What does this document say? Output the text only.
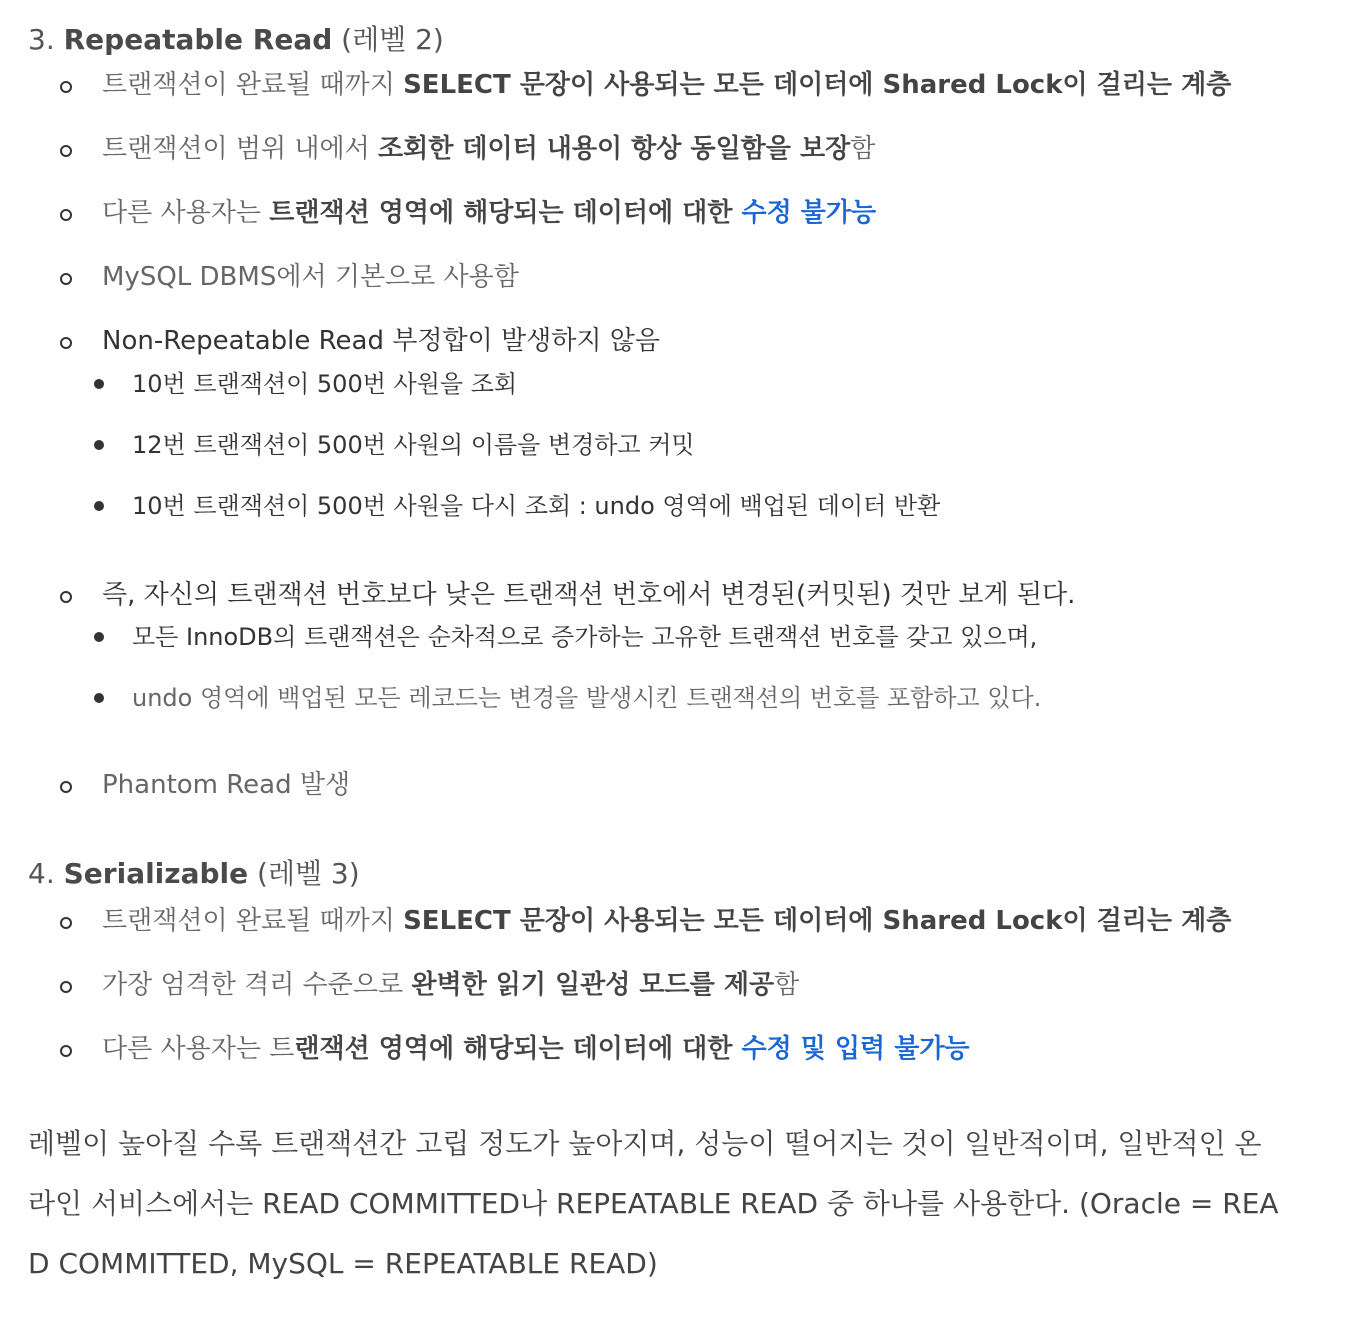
3. Repeatable Read (레벨 2)
트랜잭션이 완료될 때까지 SELECT 문장이 사용되는 모든 데이터에 Shared Lock이 걸리는 계층
트랜잭션이 범위 내에서 조회한 데이터 내용이 항상 동일함을 보장함
다른 사용자는 트랜잭션 영역에 해당되는 데이터에 대한 수정 불가능
MySQL DBMS에서 기본으로 사용함
Non-Repeatable Read 부정합이 발생하지 않음
10번 트랜잭션이 500번 사원을 조회
12번 트랜잭션이 500번 사원의 이름을 변경하고 커밋
10번 트랜잭션이 500번 사원을 다시 조회 : undo 영역에 백업된 데이터 반환
즉, 자신의 트랜잭션 번호보다 낮은 트랜잭션 번호에서 변경된(커밋된) 것만 보게 된다.
모든 InnoDB의 트랜잭션은 순차적으로 증가하는 고유한 트랜잭션 번호를 갖고 있으며,
undo 영역에 백업된 모든 레코드는 변경을 발생시킨 트랜잭션의 번호를 포함하고 있다.
Phantom Read 발생
4. Serializable (레벨 3)
트랜잭션이 완료될 때까지 SELECT 문장이 사용되는 모든 데이터에 Shared Lock이 걸리는 계층
가장 엄격한 격리 수준으로 완벽한 읽기 일관성 모드를 제공함
다른 사용자는 트랜잭션 영역에 해당되는 데이터에 대한 수정 및 입력 불가능
레벨이 높아질 수록 트랜잭션간 고립 정도가 높아지며, 성능이 떨어지는 것이 일반적이며, 일반적인 온
라인 서비스에서는 READ COMMITTED나 REPEATABLE READ 중 하나를 사용한다. (Oracle = REA
D COMMITTED, MySQL = REPEATABLE READ)
